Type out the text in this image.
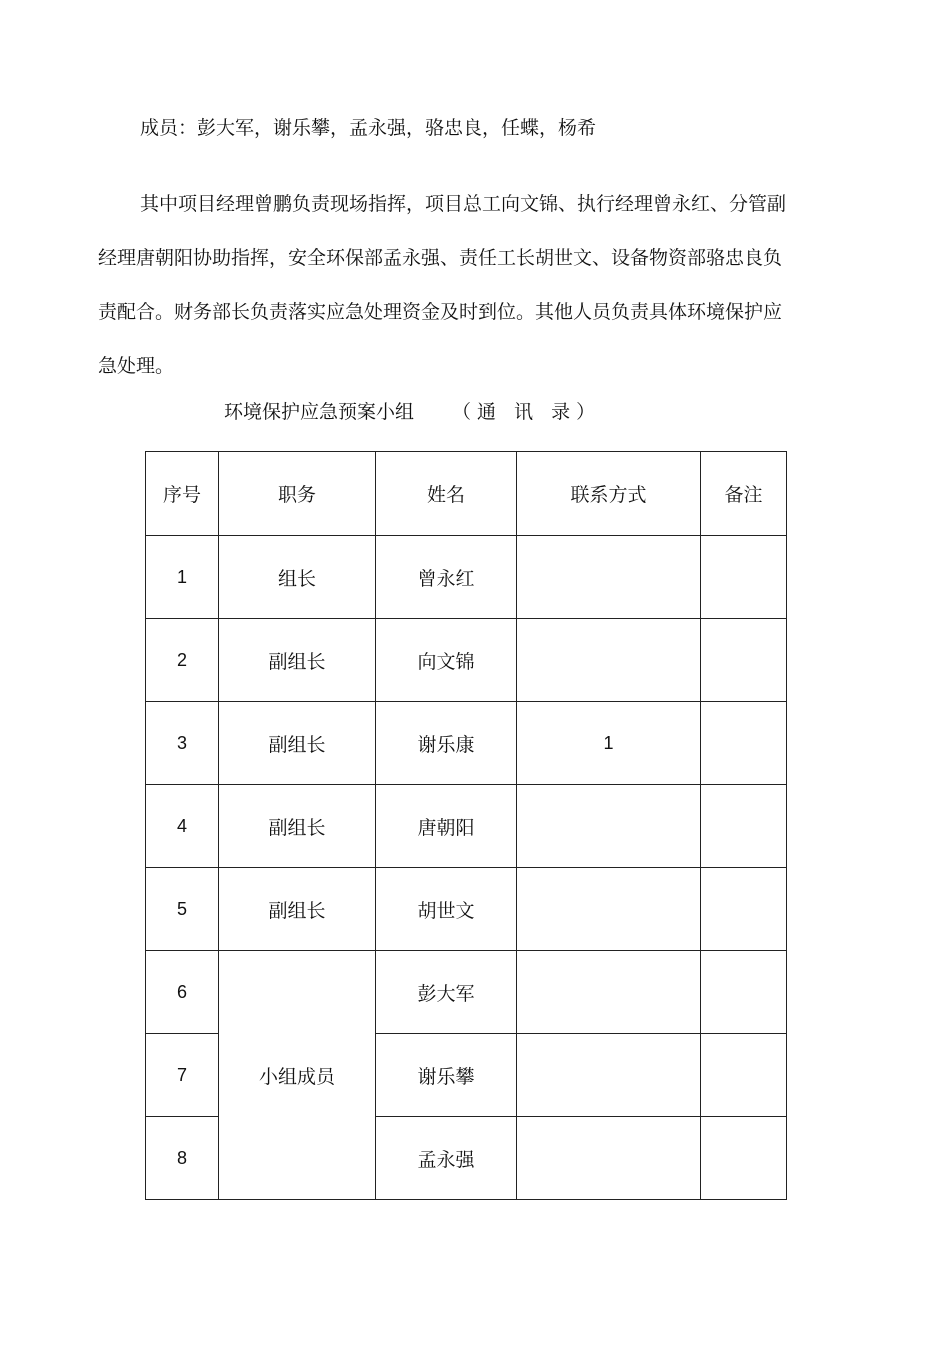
成员：彭大军，谢乐攀，孟永强，骆忠良，任蝶，杨希
其中项目经理曾鹏负责现场指挥，项目总工向文锦、执行经理曾永红、分管副经理唐朝阳协助指挥，安全环保部孟永强、责任工长胡世文、设备物资部骆忠良负责配合。财务部长负责落实应急处理资金及时到位。其他人员负责具体环境保护应急处理。
环境保护应急预案小组 （通 讯 录）
序号	职务	姓名	联系方式	备注
1	组长	曾永红		
2	副组长	向文锦		
3	副组长	谢乐康	1	
4	副组长	唐朝阳		
5	副组长	胡世文		
6	小组成员	彭大军		
7		谢乐攀		
8		孟永强		
